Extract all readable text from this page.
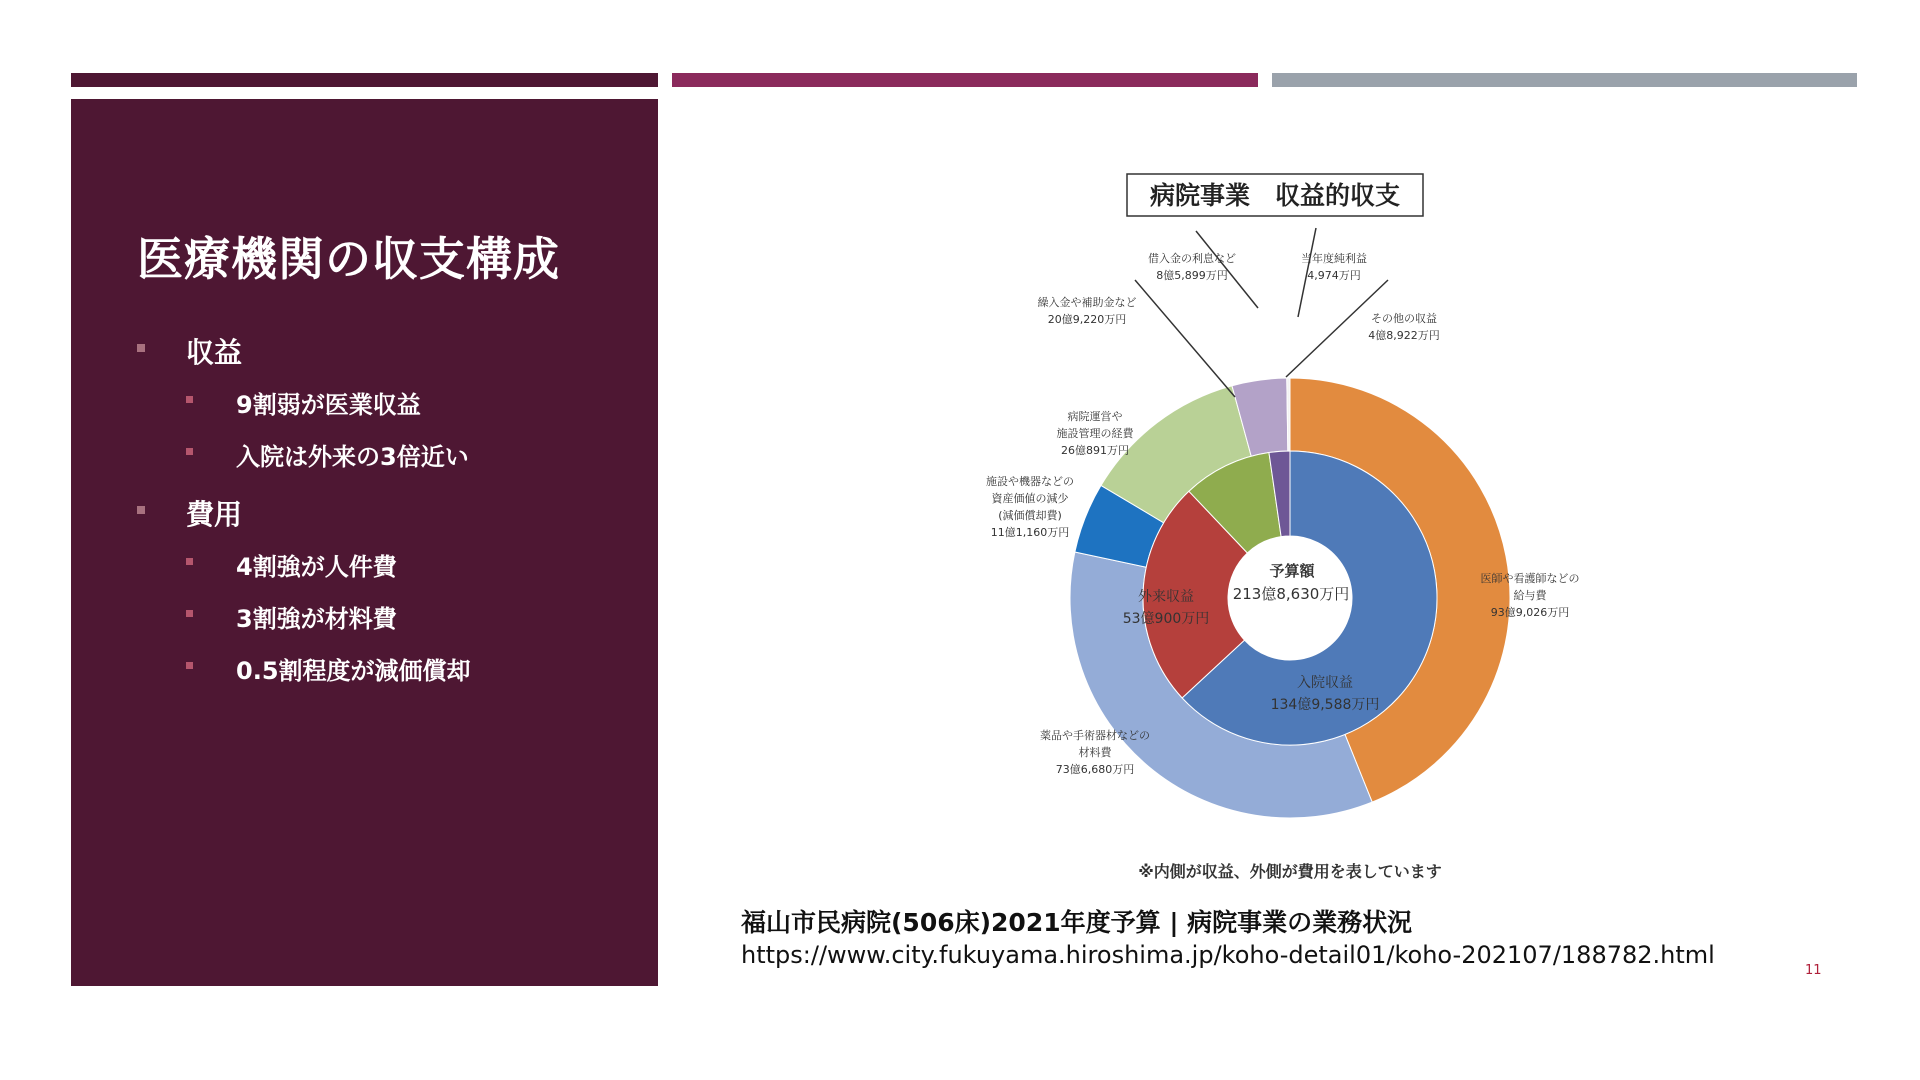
医療機関の収支構成
収益
9割弱が医業収益
入院は外来の3倍近い
費用
4割強が人件費
3割強が材料費
0.5割程度が減価償却
病院事業　収益的収支
予算額
213億8,630万円
医師や看護師などの
給与費
93億9,026万円
薬品や手術器材などの
材料費
73億6,680万円
施設や機器などの
資産価値の減少
(減価償却費)
11億1,160万円
病院運営や
施設管理の経費
26億891万円
借入金の利息など
8億5,899万円
当年度純利益
4,974万円
繰入金や補助金など
20億9,220万円	その他の収益
4億8,922万円
入院収益
134億9,588万円
外来収益
53億900万円
※内側が収益、外側が費用を表しています
福山市民病院(506床)2021年度予算 | 病院事業の業務状況
https://www.city.fukuyama.hiroshima.jp/koho-detail01/koho-202107/188782.html
11
